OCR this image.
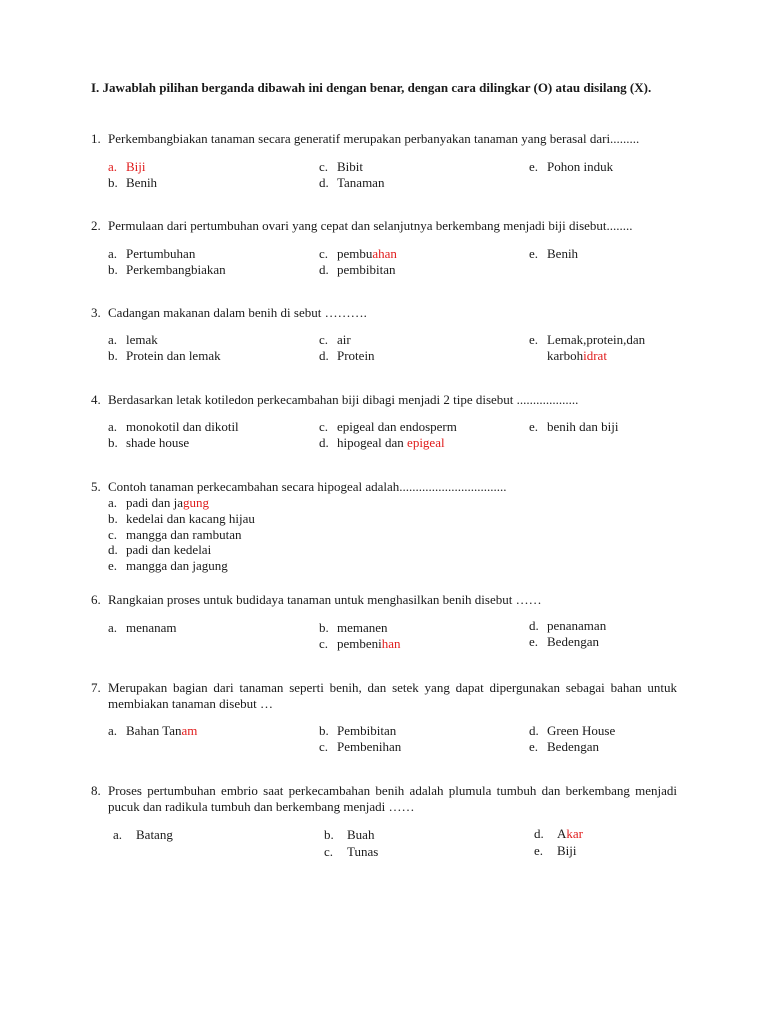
I. Jawablah pilihan berganda dibawah ini dengan benar, dengan cara dilingkar (O) atau disilang (X).
1. Perkembangbiakan tanaman secara generatif merupakan perbanyakan tanaman yang berasal dari.........
a. Biji
b. Benih
c. Bibit
d. Tanaman
e. Pohon induk
2. Permulaan dari pertumbuhan ovari yang cepat dan selanjutnya berkembang menjadi biji disebut........
a. Pertumbuhan
b. Perkembangbiakan
c. pembuahan
d. pembibitan
e. Benih
3. Cadangan makanan dalam benih di sebut ……….
a. lemak
b. Protein dan lemak
c. air
d. Protein
e. Lemak,protein,dan
karbohidrat
4. Berdasarkan letak kotiledon perkecambahan biji dibagi menjadi 2 tipe disebut ...................
a. monokotil dan dikotil
b. shade house
c. epigeal dan endosperm
d. hipogeal dan epigeal
e. benih dan biji
5. Contoh tanaman perkecambahan secara hipogeal adalah.................................
a. padi dan jagung
b. kedelai dan kacang hijau
c. mangga dan rambutan
d. padi dan kedelai
e. mangga dan jagung
6. Rangkaian proses untuk budidaya tanaman untuk menghasilkan benih disebut ……
a. menanam	b. memanen
c. pembenihan
d. penanaman
e. Bedengan
7. Merupakan bagian dari tanaman seperti benih, dan setek yang dapat dipergunakan sebagai bahan untuk membiakan tanaman disebut …
a. Bahan Tanam	b. Pembibitan
c. Pembenihan
d. Green House
e. Bedengan
8. Proses pertumbuhan embrio saat perkecambahan benih adalah plumula tumbuh dan berkembang menjadi pucuk dan radikula tumbuh dan berkembang menjadi ……
a. Batang	b. Buah
c. Tunas
d. Akar
e. Biji
